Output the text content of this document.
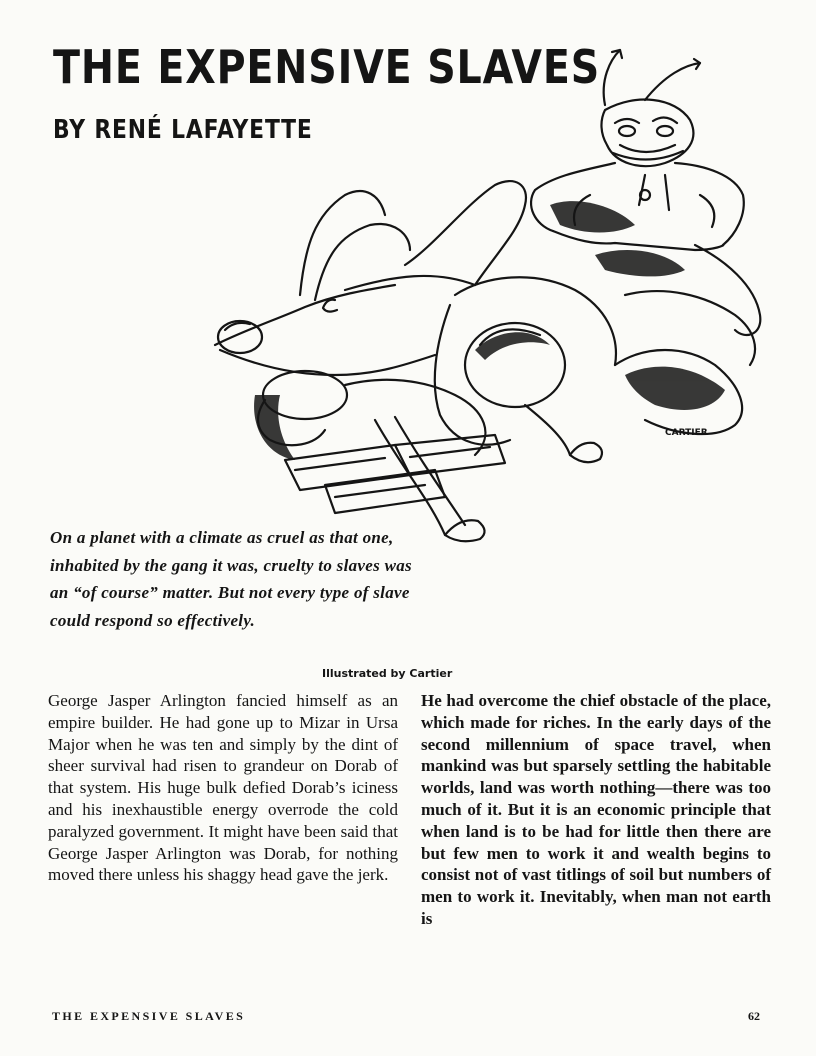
THE EXPENSIVE SLAVES
BY RENÉ LAFAYETTE
CARTIER
On a planet with a climate as cruel as that one, inhabited by the gang it was, cruelty to slaves was an “of course” matter. But not every type of slave could respond so effectively.
Illustrated by Cartier
George Jasper Arlington fancied himself as an empire builder. He had gone up to Mizar in Ursa Major when he was ten and simply by the dint of sheer survival had risen to grandeur on Dorab of that system. His huge bulk defied Dorab’s iciness and his inexhaustible energy overrode the cold paralyzed government. It might have been said that George Jasper Arlington was Dorab, for nothing moved there unless his shaggy head gave the jerk.
He had overcome the chief obstacle of the place, which made for riches. In the early days of the second millennium of space travel, when mankind was but sparsely settling the habitable worlds, land was worth nothing—there was too much of it. But it is an economic principle that when land is to be had for little then there are but few men to work it and wealth begins to consist not of vast titlings of soil but numbers of men to work it. Inevitably, when man not earth is
THE EXPENSIVE SLAVES	62
